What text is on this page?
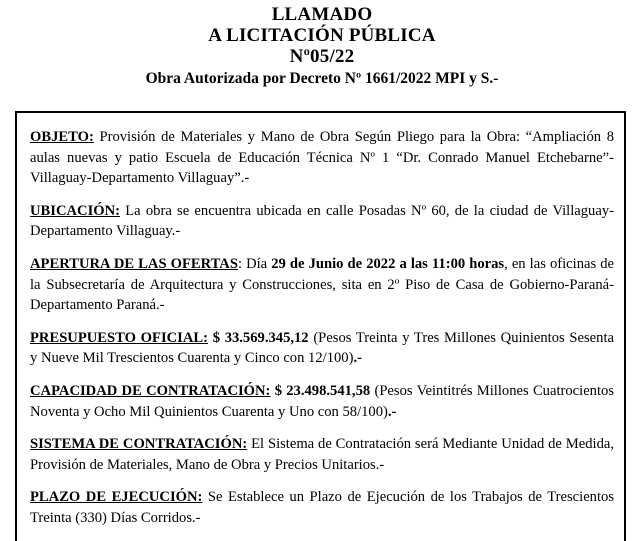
LLAMADO
A LICITACIÓN PÚBLICA
Nº05/22
Obra Autorizada por Decreto Nº 1661/2022 MPI y S.-

OBJETO: Provisión de Materiales y Mano de Obra Según Pliego para la Obra: “Ampliación 8 aulas nuevas y patio Escuela de Educación Técnica Nº 1 “Dr. Conrado Manuel Etchebarne”-Villaguay-Departamento Villaguay”.-

UBICACIÓN: La obra se encuentra ubicada en calle Posadas Nº 60, de la ciudad de Villaguay-Departamento Villaguay.-

APERTURA DE LAS OFERTAS: Día 29 de Junio de 2022 a las 11:00 horas, en las oficinas de la Subsecretaría de Arquitectura y Construcciones, sita en 2º Piso de Casa de Gobierno-Paraná-Departamento Paraná.-

PRESUPUESTO OFICIAL: $ 33.569.345,12 (Pesos Treinta y Tres Millones Quinientos Sesenta y Nueve Mil Trescientos Cuarenta y Cinco con 12/100).-

CAPACIDAD DE CONTRATACIÓN: $ 23.498.541,58 (Pesos Veintitrés Millones Cuatrocientos Noventa y Ocho Mil Quinientos Cuarenta y Uno con 58/100).-

SISTEMA DE CONTRATACIÓN: El Sistema de Contratación será Mediante Unidad de Medida, Provisión de Materiales, Mano de Obra y Precios Unitarios.-

PLAZO DE EJECUCIÓN: Se Establece un Plazo de Ejecución de los Trabajos de Trescientos Treinta (330) Días Corridos.-
